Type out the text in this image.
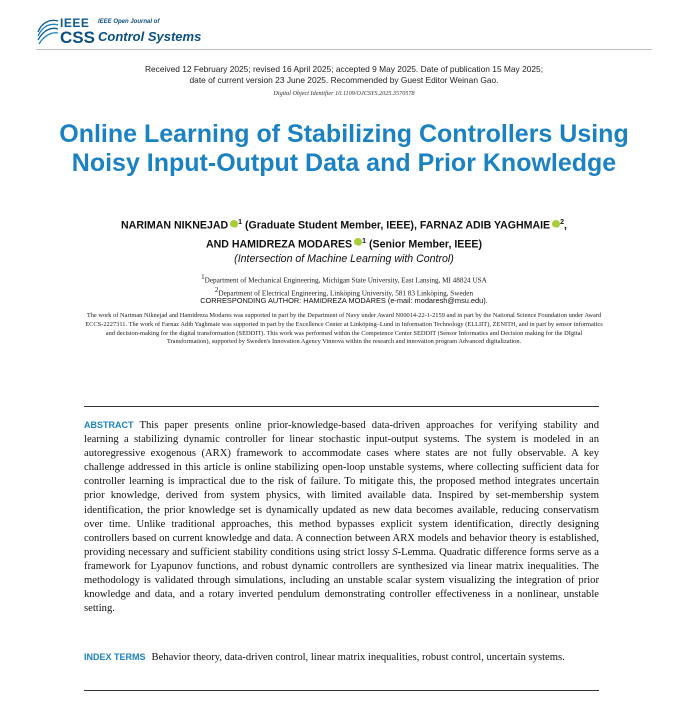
IEEE
CSS
IEEE Open Journal of
Control Systems
Received 12 February 2025; revised 16 April 2025; accepted 9 May 2025. Date of publication 15 May 2025;
date of current version 23 June 2025. Recommended by Guest Editor Weinan Gao.
Digital Object Identifier 10.1109/OJCSYS.2025.3570578
Online Learning of Stabilizing Controllers Using Noisy Input-Output Data and Prior Knowledge
NARIMAN NIKNEJAD iD $^1$ (Graduate Student Member, IEEE), FARNAZ ADIB YAGHMAIE iD $^2$,
AND HAMIDREZA MODARES iD $^1$ (Senior Member, IEEE)
(Intersection of Machine Learning with Control)
$^1$Department of Mechanical Engineering, Michigan State University, East Lansing, MI 48824 USA
$^2$Department of Electrical Engineering, Linköping University, 581 83 Linköping, Sweden
CORRESPONDING AUTHOR: HAMIDREZA MODARES (e-mail: modaresh@msu.edu).
The work of Nariman Niknejad and Hamidreza Modares was supported in part by the Department of Navy under Award N00014-22-1-2159 and in part by the National Science Foundation under Award ECCS-2227311. The work of Farnaz Adib Yaghmaie was supported in part by the Excellence Center at Linköping–Lund in Information Technology (ELLIIT), ZENITH, and in part by sensor informatics and decision-making for the digital transformation (SEDDIT). This work was performed within the Competence Center SEDDIT (Sensor Informatics and Decision making for the DIgital Transformation), supported by Sweden's Innovation Agency Vinnova within the research and innovation program Advanced digitalization.
ABSTRACT This paper presents online prior-knowledge-based data-driven approaches for verifying stability and learning a stabilizing dynamic controller for linear stochastic input-output systems. The system is modeled in an autoregressive exogenous (ARX) framework to accommodate cases where states are not fully observable. A key challenge addressed in this article is online stabilizing open-loop unstable systems, where collecting sufficient data for controller learning is impractical due to the risk of failure. To mitigate this, the proposed method integrates uncertain prior knowledge, derived from system physics, with limited available data. Inspired by set-membership system identification, the prior knowledge set is dynamically updated as new data becomes available, reducing conservatism over time. Unlike traditional approaches, this method bypasses explicit system identification, directly designing controllers based on current knowledge and data. A connection between ARX models and behavior theory is established, providing necessary and sufficient stability conditions using strict lossy S-Lemma. Quadratic difference forms serve as a framework for Lyapunov functions, and robust dynamic controllers are synthesized via linear matrix inequalities. The methodology is validated through simulations, including an unstable scalar system visualizing the integration of prior knowledge and data, and a rotary inverted pendulum demonstrating controller effectiveness in a nonlinear, unstable setting.
INDEX TERMS Behavior theory, data-driven control, linear matrix inequalities, robust control, uncertain systems.
